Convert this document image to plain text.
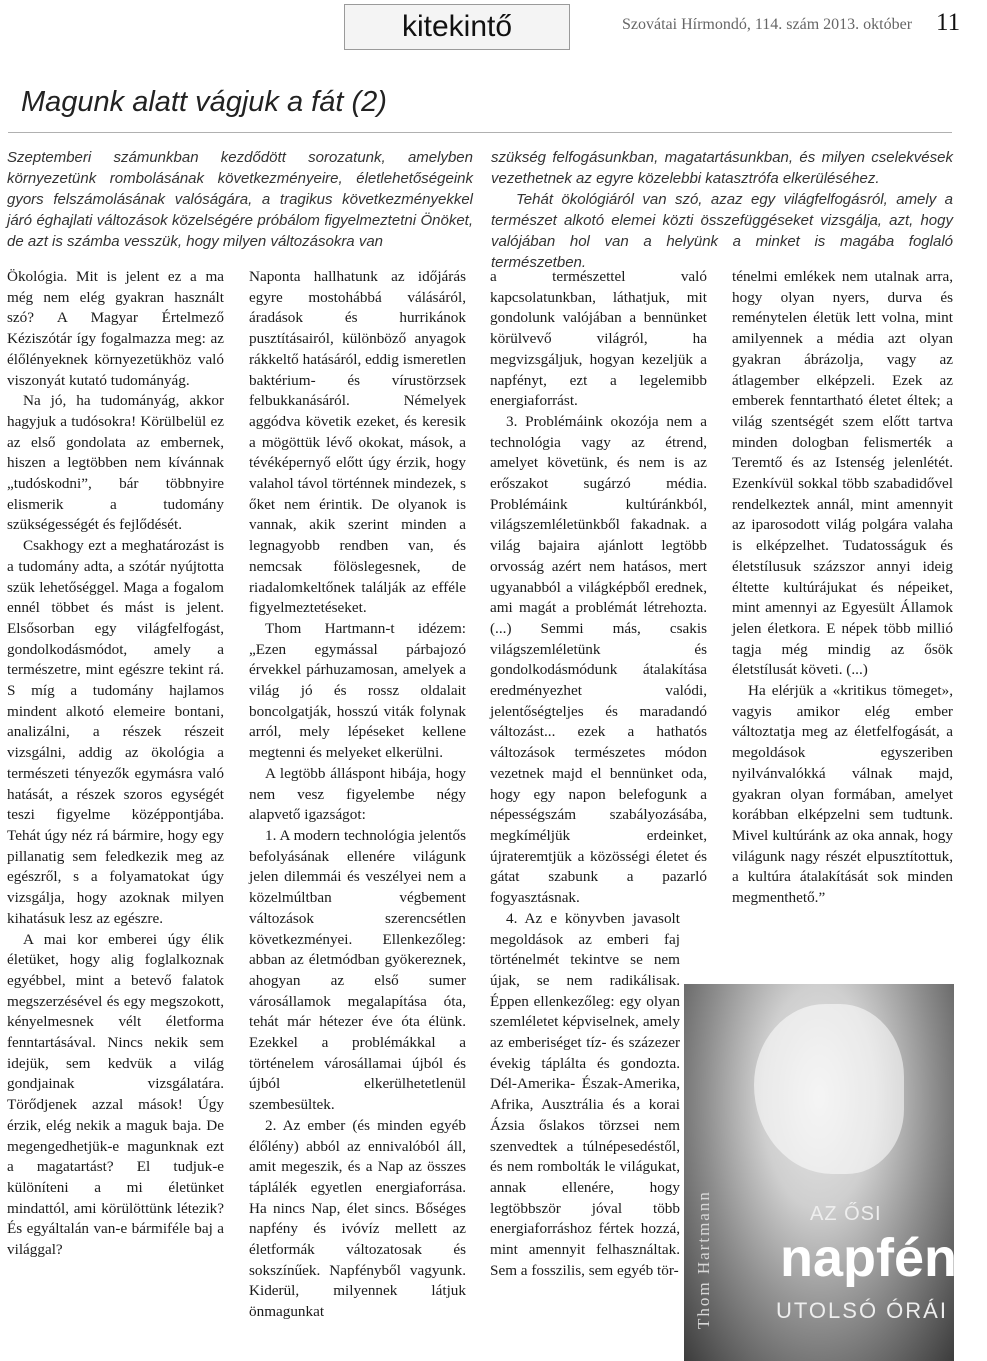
kitekintő	Szovátai Hírmondó, 114. szám 2013. október 11
Magunk alatt vágjuk a fát (2)

Szeptemberi számunkban kezdődött sorozatunk, amelyben környezetünk rombolásának következményeire, életlehetőségeink gyors felszámolásának valóságára, a tragikus következményekkel járó éghajlati változások közelségére próbálom figyelmeztetni Önöket, de azt is számba vesszük, hogy milyen változásokra van

szükség felfogásunkban, magatartásunkban, és milyen cselekvések vezethetnek az egyre közelebbi katasztrófa elkerüléséhez.

Tehát ökológiáról van szó, azaz egy világfelfogásról, amely a természet alkotó elemei közti összefüggéseket vizsgálja, azt, hogy valójában hol van a helyünk a minket is magába foglaló természetben.

Ökológia. Mit is jelent ez a ma még nem elég gyakran használt szó? A Magyar Értelmező Kéziszótár így fogalmazza meg: az élőlényeknek környezetükhöz való viszonyát kutató tudományág.

Na jó, ha tudományág, akkor hagyjuk a tudósokra! Körülbelül ez az első gondolata az embernek, hiszen a legtöbben nem kívánnak „tudóskodni”, bár többnyire elismerik a tudomány szükségességét és fejlődését.

Csakhogy ezt a meghatározást is a tudomány adta, a szótár nyújtotta szük lehetőséggel. Maga a fogalom ennél többet és mást is jelent. Elsősorban egy világfelfogást, gondolkodásmódot, amely a természetre, mint egészre tekint rá. S míg a tudomány hajlamos mindent alkotó elemeire bontani, analizálni, a részek részeit vizsgálni, addig az ökológia a természeti tényezők egymásra való hatását, a részek szoros egységét teszi figyelme középpontjába. Tehát úgy néz rá bármire, hogy egy pillanatig sem feledkezik meg az egészről, s a folyamatokat úgy vizsgálja, hogy azoknak milyen kihatásuk lesz az egészre.

A mai kor emberei úgy élik életüket, hogy alig foglalkoznak egyébbel, mint a betevő falatok megszerzésével és egy megszokott, kényelmesnek vélt életforma fenntartásával. Nincs nekik sem idejük, sem kedvük a világ gondjainak vizsgálatára. Törődjenek azzal mások! Úgy érzik, elég nekik a maguk baja. De megengedhetjük-e magunknak ezt a magatartást? El tudjuk-e különíteni a mi életünket mindattól, ami körülöttünk létezik? És egyáltalán van-e bármiféle baj a világgal?

Naponta hallhatunk az időjárás egyre mostohábbá válásáról, áradások és hurrikánok pusztításairól, különböző anyagok rákkeltő hatásáról, eddig ismeretlen baktérium- és vírustörzsek felbukkanásáról. Némelyek aggódva követik ezeket, és keresik a mögöttük lévő okokat, mások, a tévéképernyő előtt úgy érzik, hogy valahol távol történnek mindezek, s őket nem érintik. De olyanok is vannak, akik szerint minden a legnagyobb rendben van, és nemcsak fölöslegesnek, de riadalomkeltőnek találják az efféle figyelmeztetéseket.

Thom Hartmann-t idézem: „Ezen egymással párbajozó érvekkel párhuzamosan, amelyek a világ jó és rossz oldalait boncolgatják, hosszú viták folynak arról, mely lépéseket kellene megtenni és melyeket elkerülni.

A legtöbb álláspont hibája, hogy nem vesz figyelembe négy alapvető igazságot:

1. A modern technológia jelentős befolyásának ellenére világunk jelen dilemmái és veszélyei nem a közelmúltban végbement változások szerencsétlen következményei. Ellenkezőleg: abban az életmódban gyökereznek, ahogyan az első sumer városállamok megalapítása óta, tehát már hétezer éve óta élünk. Ezekkel a problémákkal a történelem városállamai újból és újból elkerülhetetlenül szembesültek.

2. Az ember (és minden egyéb élőlény) abból az ennivalóból áll, amit megeszik, és a Nap az összes táplálék egyetlen energiaforrása. Ha nincs Nap, élet sincs. Bőséges napfény és ivóvíz mellett az életformák változatosak és sokszínűek. Napfényből vagyunk. Kiderül, milyennek látjuk önmagunkat

a természettel való kapcsolatunkban, láthatjuk, mit gondolunk valójában a bennünket körülvevő világról, ha megvizsgáljuk, hogyan kezeljük a napfényt, ezt a legelemibb energiaforrást.

3. Problémáink okozója nem a technológia vagy az étrend, amelyet követünk, és nem is az erőszakot sugárzó média. Problémáink kultúránkból, világszemléletünkből fakadnak. a világ bajaira ajánlott legtöbb orvosság azért nem hatásos, mert ugyanabból a világképből erednek, ami magát a problémát létrehozta. (...) Semmi más, csakis világszemléletünk és gondolkodásmódunk átalakítása eredményezhet valódi, jelentőségteljes és maradandó változást... ezek a hathatós változások természetes módon vezetnek majd el bennünket oda, hogy egy napon belefogunk a népességszám szabályozásába, megkíméljük erdeinket, újrateremtjük a közösségi életet és gátat szabunk a pazarló fogyasztásnak.

4. Az e könyvben javasolt megoldások az emberi faj történelmét tekintve se nem újak, se nem radikálisak. Éppen ellenkezőleg: egy olyan szemléletet képviselnek, amely az emberiséget tíz- és százezer évekig táplálta és gondozta. Dél-Amerika- Észak-Amerika, Afrika, Ausztrália és a korai Ázsia őslakos törzsei nem szenvedtek a túlnépesedéstől, és nem rombolták le világukat, annak ellenére, hogy legtöbbször jóval több energiaforráshoz fértek hozzá, mint amennyit felhasználtak. Sem a fosszilis, sem egyéb tör-

ténelmi emlékek nem utalnak arra, hogy olyan nyers, durva és reménytelen életük lett volna, mint amilyennek a média azt olyan gyakran ábrázolja, vagy az átlagember elképzeli. Ezek az emberek fenntartható életet éltek; a világ szentségét szem előtt tartva minden dologban felismerték a Teremtő és az Istenség jelenlétét. Ezenkívül sokkal több szabadidővel rendelkeztek annál, mint amennyit az iparosodott világ polgára valaha is elképzelhet. Tudatosságuk és életstílusuk százszor annyi ideig éltette kultúrájukat és népeiket, mint amennyi az Egyesült Államok jelen életkora. E népek több millió tagja még mindig az ősök életstílusát követi. (...)

Ha elérjük a «kritikus tömeget», vagyis amikor elég ember változtatja meg az életfelfogását, a megoldások egyszeriben nyilvánvalókká válnak majd, gyakran olyan formában, amelyet korábban elképzelni sem tudtunk. Mivel kultúránk az oka annak, hogy világunk nagy részét elpusztítottuk, a kultúra átalakítását sok minden megmenthető.”

Thom Hartmann	AZ ŐSI
napfény
UTOLSÓ ÓRÁI
